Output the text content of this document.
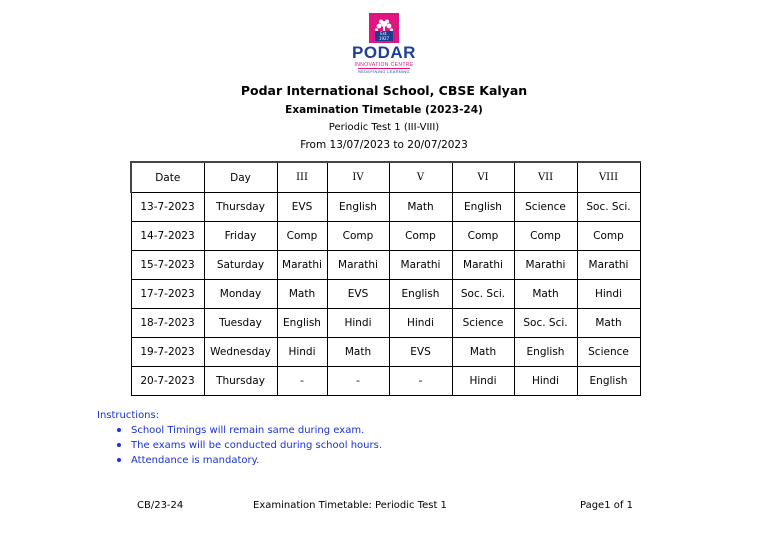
Est. 1927
PODAR
INNOVATION CENTRE
REDEFINING LEARNING
Podar International School, CBSE Kalyan
Examination Timetable (2023-24)
Periodic Test 1 (III-VIII)
From 13/07/2023 to 20/07/2023
Date	Day	III	IV	V	VI	VII	VIII
13-7-2023	Thursday	EVS	English	Math	English	Science	Soc. Sci.
14-7-2023	Friday	Comp	Comp	Comp	Comp	Comp	Comp
15-7-2023	Saturday	Marathi	Marathi	Marathi	Marathi	Marathi	Marathi
17-7-2023	Monday	Math	EVS	English	Soc. Sci.	Math	Hindi
18-7-2023	Tuesday	English	Hindi	Hindi	Science	Soc. Sci.	Math
19-7-2023	Wednesday	Hindi	Math	EVS	Math	English	Science
20-7-2023	Thursday	-	-	-	Hindi	Hindi	English
Instructions:
School Timings will remain same during exam.
The exams will be conducted during school hours.
Attendance is mandatory.
CB/23-24	Examination Timetable: Periodic Test 1	Page1 of 1
